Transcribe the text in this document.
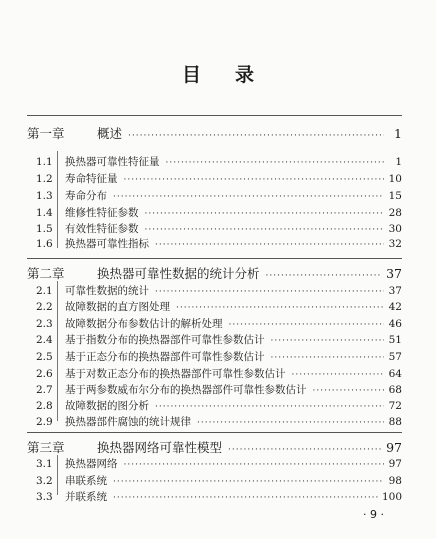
目 录
第一章	概述 ·····	1
1.1	换热器可靠性特征量 ·····	1
1.2	寿命特征量 ·····	10
1.3	寿命分布 ·····	15
1.4	维修性特征参数 ·····	28
1.5	有效性特征参数 ·····	30
1.6	换热器可靠性指标 ·····	32
第二章	换热器可靠性数据的统计分析 ·····	37
2.1	可靠性数据的统计 ·····	37
2.2	故障数据的直方图处理 ·····	42
2.3	故障数据分布参数估计的解析处理 ·····	46
2.4	基于指数分布的换热器部件可靠性参数估计 ·····	51
2.5	基于正态分布的换热器部件可靠性参数估计 ·····	57
2.6	基于对数正态分布的换热器部件可靠性参数估计 ·····	64
2.7	基于两参数威布尔分布的换热器部件可靠性参数估计 ·····	68
2.8	故障数据的图分析 ·····	72
2.9	换热器部件腐蚀的统计规律 ·····	88
第三章	换热器网络可靠性模型 ·····	97
3.1	换热器网络 ·····	97
3.2	串联系统 ·····	98
3.3	并联系统 ·····	100
· 9 ·
